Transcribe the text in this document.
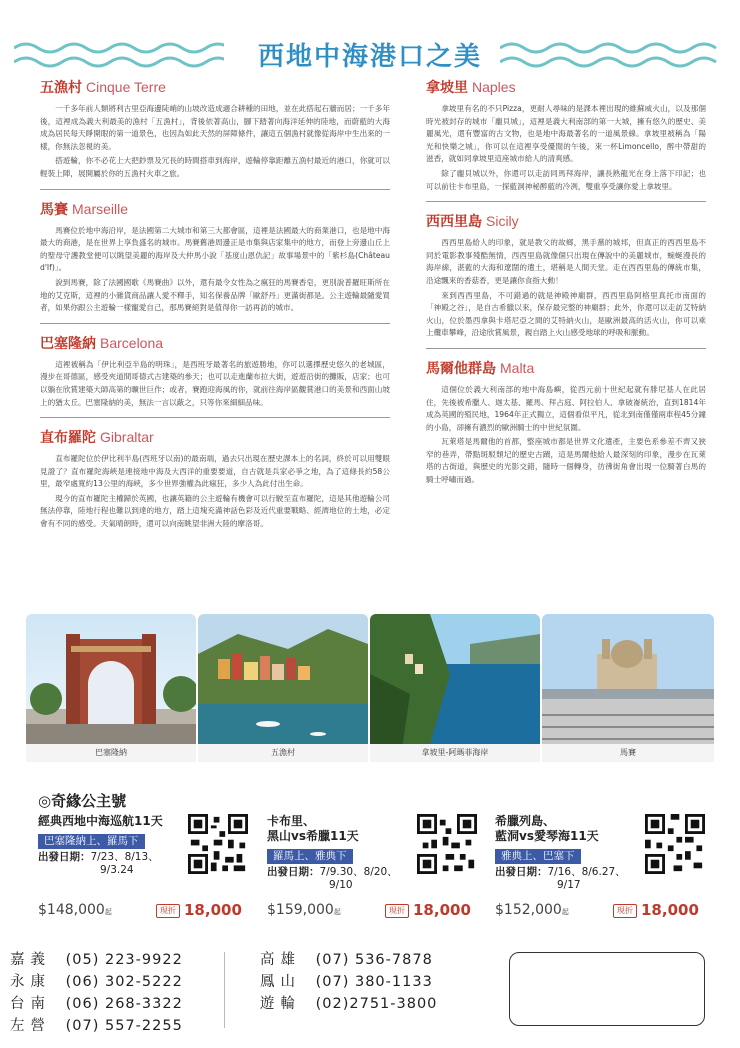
西地中海港口之美
五漁村 Cinque Terre

一千多年前人類將利古里亞海邊陡峭的山坡改造成適合耕種的田地，並在此搭起石牆而居；一千多年後，這裡成為義大利最美的漁村「五漁村」，背後依著高山，腳下踏著向海洋延伸的陸地，而蔚藍的大海成為居民每天睜開眼的第一道景色，也因為如此天然的屏障條件，讓這五個漁村就像從海岸中生出來的一樣，你無法忽視的美。

搭遊輪，你不必花上大把鈔票及冗長的時間搭車到海岸，遊輪停靠距離五漁村最近的港口，你就可以輕裝上陣，展開屬於你的五漁村火車之旅。

馬賽 Marseille

馬賽位於地中海沿岸，是法國第二大城市和第三大都會區，這裡是法國最大的商業港口，也是地中海最大的商港，是在世界上享負盛名的城市。馬賽舊港周邊正是市集與店家集中的地方，而登上旁邊山丘上的聖母守護教堂便可以眺望美麗的海岸及大仲馬小說「基度山恩仇記」故事場景中的「紫杉島(Château d'If)」。

說到馬賽，除了法國國歌《馬賽曲》以外，還有最令女性為之瘋狂的馬賽香皂，更別說普羅旺斯所在地的艾克斯，這裡的小雜貨商品讓人愛不釋手，知名保養品牌「歐舒丹」更滿街都是。公主遊輪最隨愛買者，如果你跟公主遊輪一樣寵愛自己，那馬賽絕對是值得你一訪再訪的城市。

巴塞隆納 Barcelona

這裡被稱為「伊比利亞半島的明珠」，是西班牙最著名的旅遊勝地，你可以選擇歷史悠久的老城區，漫步在哥德區，感受夾道間哥德式古建築的參天；也可以走進蘭布拉大街，遊遊沿街的攤販，店家；也可以躺在欣賞建築大師高第的曠世巨作；或者，賽跑迎海風的你，就前往海岸區觀賞港口的美景和西面山坡上的猶太丘。巴塞隆納的美，無法一言以蔽之，只等你來細細品味。

直布羅陀 Gibraltar

直布羅陀位於伊比利半島(西班牙以南)的最南端，過去只出現在歷史課本上的名詞，終於可以用雙眼見證了？直布羅陀海峽是連接地中海及大西洋的重要要道，自古就是兵家必爭之地，為了這條長約58公里，最窄處寬約13公里的海峽，多少世界強權為此瘋狂，多少人為此付出生命。

現今的直布羅陀主權歸於英國，也讓英籍的公主遊輪有機會可以行駛至直布羅陀，這是其他遊輪公司無法停靠，陸地行程也難以到達的地方，踏上這塊充滿神話色彩及近代重要戰略、經濟地位的土地，必定會有不同的感受。天氣晴朗時，還可以向南眺望非洲大陸的摩洛哥。

拿坡里 Naples

拿坡里有名的不只Pizza，更耐人尋味的是課本裡出現的維蘇威火山，以及那個時光被封存的城市「龐貝城」，這裡是義大利南部的第一大城，擁有悠久的歷史、美麗風光，還有豐富的古文物，也是地中海最著名的一道風景線。拿坡里被稱為「陽光和快樂之城」，你可以在這裡享受優閒的午後，來一杯Limoncello，醉中帶甜的滋香，就如同拿坡里這座城市給人的清爽感。

除了龐貝城以外，你還可以走訪同馬拜海岸，讓長熟龍光在身上落下印記；也可以前往卡布里島，一探藍洞神秘醉藍的冷冽，雙重享受讓你愛上拿坡里。

西西里島 Sicily

西西里島給人的印象，就是教父的故鄉，黑手黨的城邦，但真正的西西里島不同於電影教事殘酷無情，西西里島就像個只出現在傳說中的美麗城市，蜿蜒漫長的海岸線，湛藍的大海和遼闊的遺土，堪稱是人間天堂。走在西西里島的傳統市集，沿途飄來的香菇香，更是讓你食指大動！

來到西西里島，不可錯過的就是神殿神廟群，西西里島阿格里真托市南面的「神殿之谷」，是自古希臘以來，保存最完整的神廟群；此外，你還可以走訪艾特納火山，位於墨西拿與卡塔尼亞之間的艾特納火山，是歐洲最高的活火山，你可以乘上纜車攀峰，沿途欣賞風景，親自踏上火山感受地球的呼吸和脈動。

馬爾他群島 Malta

這個位於義大利南部的地中海島嶼，從西元前十世紀起就有腓尼基人在此居住，先後被希臘人、迦太基、羅馬、拜占庭、阿拉伯人、拿破崙統治，直到1814年成為英國的殖民地，1964年正式獨立，這個看似平凡，從北到南僅僅兩車程45分鐘的小島，卻擁有濃烈的歐洲騎士的中世紀氛圍。

瓦萊塔是馬爾他的首都，整座城市都是世界文化遺產，主要色系參差不齊又狹窄的巷弄，帶點斑駁頹圮的歷史古蹟，這是馬爾他給人最深刻的印象，漫步在瓦萊塔的古街道，與歷史的光影交錯，隨時一個轉身，彷彿街角會出現一位騎著白馬的騎士呼嘯而過。

巴塞隆納	五漁村	拿坡里-阿瑪菲海岸	馬賽
◎奇緣公主號
經典西地中海巡航11天
巴塞隆納上、羅馬下
出發日期：7/23、8/13、
9/3.24
$148,000起	現折 18,000
卡布里、
黑山vs希臘11天
羅馬上、雅典下
出發日期：7/9.30、8/20、
9/10
$159,000起	現折 18,000
希臘列島、
藍洞vs愛琴海11天
雅典上、巴塞下
出發日期：7/16、8/6.27、
9/17
$152,000起	現折 18,000
嘉義 (05) 223-9922
永康 (06) 302-5222
台南 (06) 268-3322
左營 (07) 557-2255
高雄 (07) 536-7878
鳳山 (07) 380-1133
遊輪 (02)2751-3800
